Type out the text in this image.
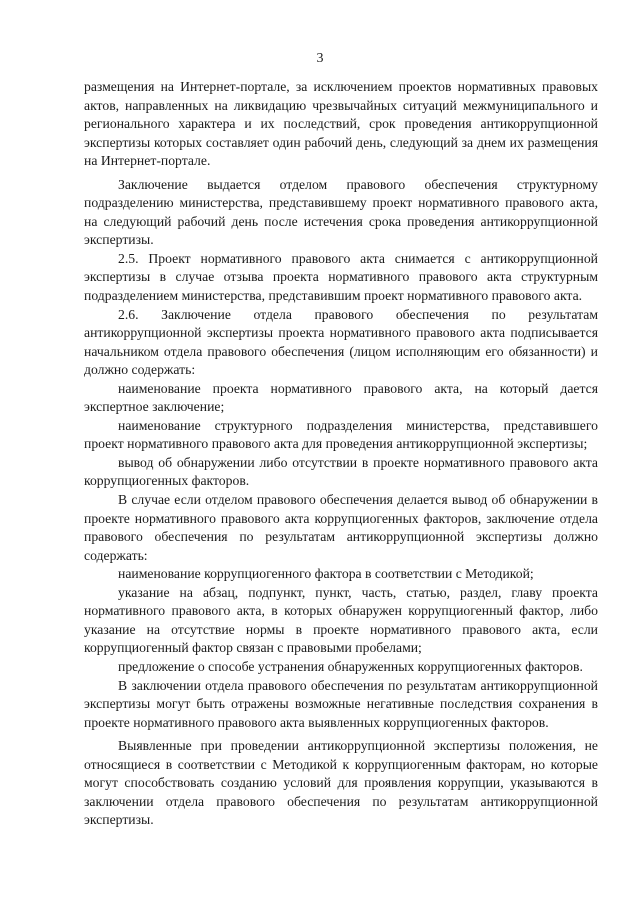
3

размещения на Интернет-портале, за исключением проектов нормативных правовых актов, направленных на ликвидацию чрезвычайных ситуаций межмуниципального и регионального характера и их последствий, срок проведения антикоррупционной экспертизы которых составляет один рабочий день, следующий за днем их размещения на Интернет-портале.

Заключение выдается отделом правового обеспечения структурному подразделению министерства, представившему проект нормативного правового акта, на следующий рабочий день после истечения срока проведения антикоррупционной экспертизы.

2.5. Проект нормативного правового акта снимается с антикоррупционной экспертизы в случае отзыва проекта нормативного правового акта структурным подразделением министерства, представившим проект нормативного правового акта.

2.6. Заключение отдела правового обеспечения по результатам антикоррупционной экспертизы проекта нормативного правового акта подписывается начальником отдела правового обеспечения (лицом исполняющим его обязанности) и должно содержать:

наименование проекта нормативного правового акта, на который дается экспертное заключение;

наименование структурного подразделения министерства, представившего проект нормативного правового акта для проведения антикоррупционной экспертизы;

вывод об обнаружении либо отсутствии в проекте нормативного правового акта коррупциогенных факторов.

В случае если отделом правового обеспечения делается вывод об обнаружении в проекте нормативного правового акта коррупциогенных факторов, заключение отдела правового обеспечения по результатам антикоррупционной экспертизы должно содержать:

наименование коррупциогенного фактора в соответствии с Методикой;

указание на абзац, подпункт, пункт, часть, статью, раздел, главу проекта нормативного правового акта, в которых обнаружен коррупциогенный фактор, либо указание на отсутствие нормы в проекте нормативного правового акта, если коррупциогенный фактор связан с правовыми пробелами;

предложение о способе устранения обнаруженных коррупциогенных факторов.

В заключении отдела правового обеспечения по результатам антикоррупционной экспертизы могут быть отражены возможные негативные последствия сохранения в проекте нормативного правового акта выявленных коррупциогенных факторов.

Выявленные при проведении антикоррупционной экспертизы положения, не относящиеся в соответствии с Методикой к коррупциогенным факторам, но которые могут способствовать созданию условий для проявления коррупции, указываются в заключении отдела правового обеспечения по результатам антикоррупционной экспертизы.
